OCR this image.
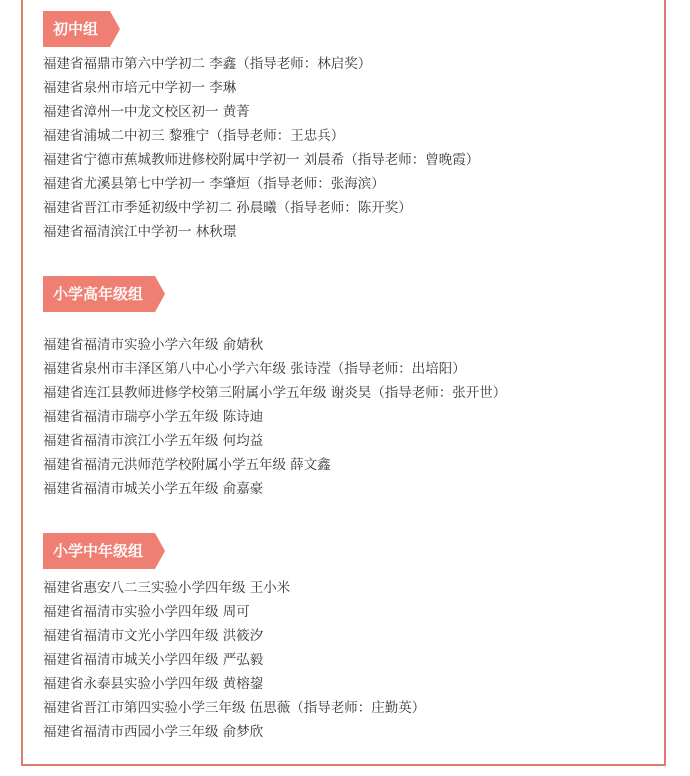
初中组
福建省福鼎市第六中学初二 李鑫（指导老师：林启奖）
福建省泉州市培元中学初一 李琳
福建省漳州一中龙文校区初一 黄菁
福建省浦城二中初三 黎雅宁（指导老师：王忠兵）
福建省宁德市蕉城教师进修校附属中学初一 刘晨希（指导老师：曾晚霞）
福建省尤溪县第七中学初一 李肇烜（指导老师：张海滨）
福建省晋江市季延初级中学初二 孙晨曦（指导老师：陈开奖）
福建省福清滨江中学初一 林秋璟
小学高年级组
福建省福清市实验小学六年级 俞婧秋
福建省泉州市丰泽区第八中心小学六年级 张诗滢（指导老师：出培阳）
福建省连江县教师进修学校第三附属小学五年级 谢炎昊（指导老师：张开世）
福建省福清市瑞亭小学五年级 陈诗迪
福建省福清市滨江小学五年级 何均益
福建省福清元洪师范学校附属小学五年级 薛文鑫
福建省福清市城关小学五年级 俞嘉豪
小学中年级组
福建省惠安八二三实验小学四年级 王小米
福建省福清市实验小学四年级 周可
福建省福清市文光小学四年级 洪筱汐
福建省福清市城关小学四年级 严弘毅
福建省永泰县实验小学四年级 黄榕鋆
福建省晋江市第四实验小学三年级 伍思薇（指导老师：庄勤英）
福建省福清市西园小学三年级 俞梦欣
